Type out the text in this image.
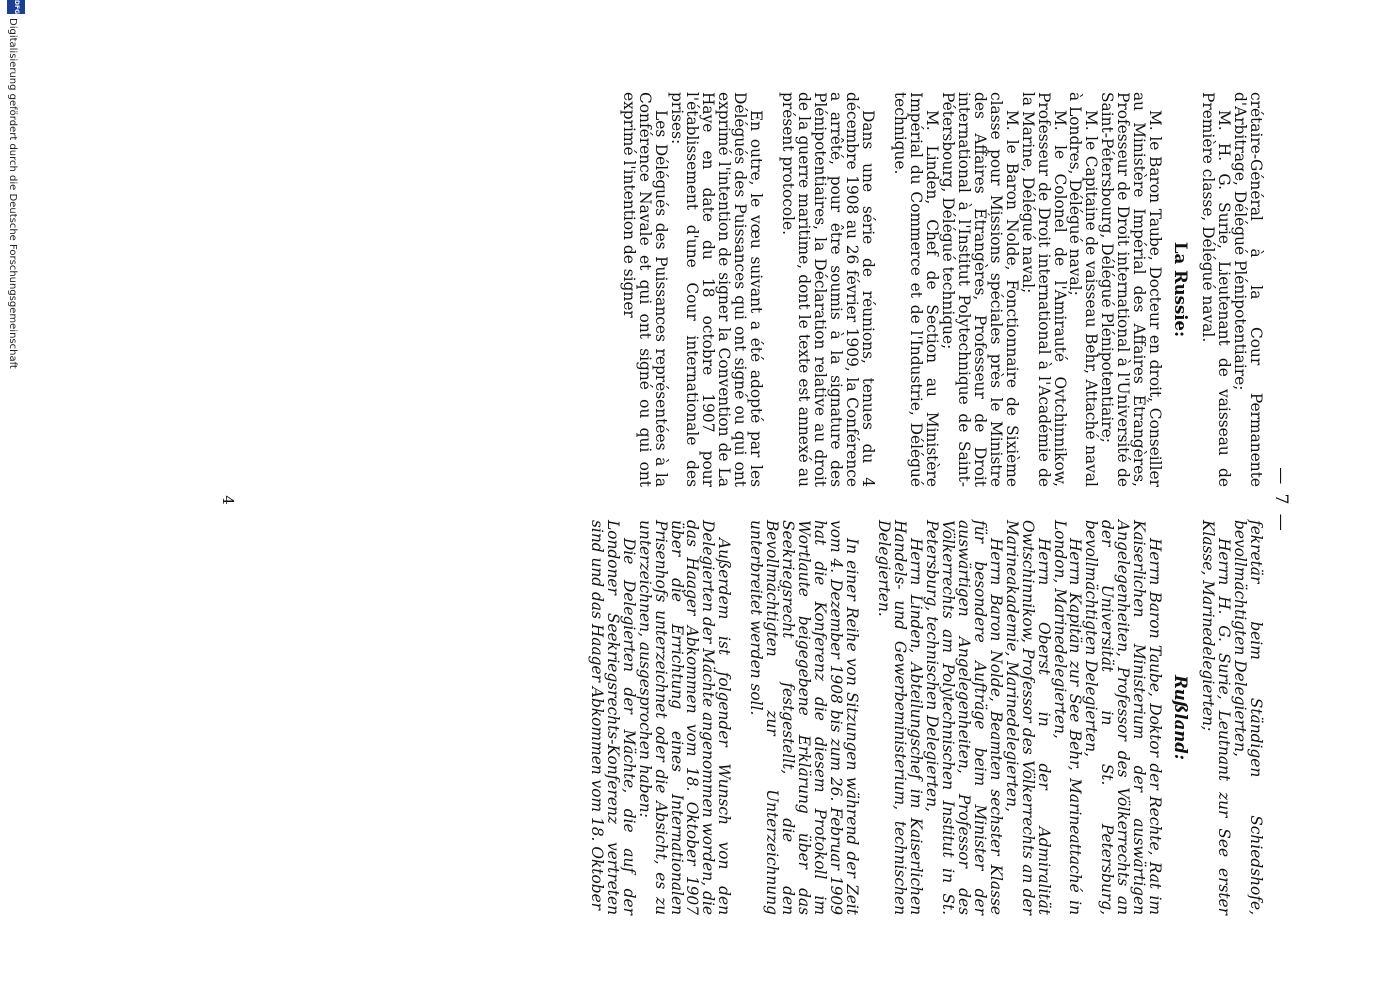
— 7 —

crétaire-Général à la Cour Permanente d'Arbitrage, Délégué Plénipotentiaire;

M. H. G. Surie, Lieutenant de vaisseau de Première classe, Délégué naval.

La Russie:

M. le Baron Taube, Docteur en droit, Conseiller au Ministère Impérial des Affaires Étrangères, Professeur de Droit international à l'Université de Saint-Pétersbourg, Délégué Plénipotentiaire;

M. le Capitaine de vaisseau Behr, Attaché naval à Londres, Délégué naval;

M. le Colonel de l'Amirauté Ovtchinnikow, Professeur de Droit international à l'Académie de la Marine, Délégué naval;

M. le Baron Nolde, Fonctionnaire de Sixième classe pour Missions spéciales près le Ministre des Affaires Étrangères, Professeur de Droit international à l'Institut Polytechnique de Saint-Pétersbourg, Délégué technique;

M. Linden, Chef de Section au Ministère Impérial du Commerce et de l'Industrie, Délégué technique.

Dans une série de réunions, tenues du 4 décembre 1908 au 26 février 1909, la Conférence a arrêté, pour être soumis à la signature des Plénipotentiaires, la Déclaration relative au droit de la guerre maritime, dont le texte est annexé au présent protocole.

En outre, le vœu suivant a été adopté par les Délégués des Puissances qui ont signé ou qui ont exprimé l'intention de signer la Convention de La Haye en date du 18 octobre 1907 pour l'établissement d'une Cour internationale des prises:

Les Délégués des Puissances représentées à la Conférence Navale et qui ont signé ou qui ont exprimé l'intention de signer

fekretär beim Ständigen Schiedshofe, bevollmächtigten Delegierten,

Herrn H. G. Surie, Leutnant zur See erster Klasse, Marinedelegierten;

Rußland:

Herrn Baron Taube, Doktor der Rechte, Rat im Kaiserlichen Ministerium der auswärtigen Angelegenheiten, Professor des Völkerrechts an der Universität in St. Petersburg, bevollmächtigten Delegierten,

Herrn Kapitän zur See Behr, Marineattaché in London, Marinedelegierten,

Herrn Oberst in der Admiralität Owtschinnikow, Professor des Völkerrechts an der Marineakademie, Marinedelegierten,

Herrn Baron Nolde, Beamten sechster Klasse für besondere Aufträge beim Minister der auswärtigen Angelegenheiten, Professor des Völkerrechts am Polytechnischen Institut in St. Petersburg, technischen Delegierten,

Herrn Linden, Abteilungschef im Kaiserlichen Handels- und Gewerbeministerium, technischen Delegierten.

In einer Reihe von Sitzungen während der Zeit vom 4. Dezember 1908 bis zum 26. Februar 1909 hat die Konferenz die diesem Protokoll im Wortlaute beigegebene Erklärung über das Seekriegsrecht festgestellt, die den Bevollmächtigten zur Unterzeichnung unterbreitet werden soll.

Außerdem ist folgender Wunsch von den Delegierten der Mächte angenommen worden, die das Haager Abkommen vom 18. Oktober 1907 über die Errichtung eines Internationalen Prisenhofs unterzeichnet oder die Absicht, es zu unterzeichnen, ausgesprochen haben:

Die Delegierten der Mächte, die auf der Londoner Seekriegsrechts-Konferenz vertreten sind und das Haager Abkommen vom 18. Oktober

4
DFG
Digitalisierung gefördert durch die Deutsche Forschungsgemeinschaft
